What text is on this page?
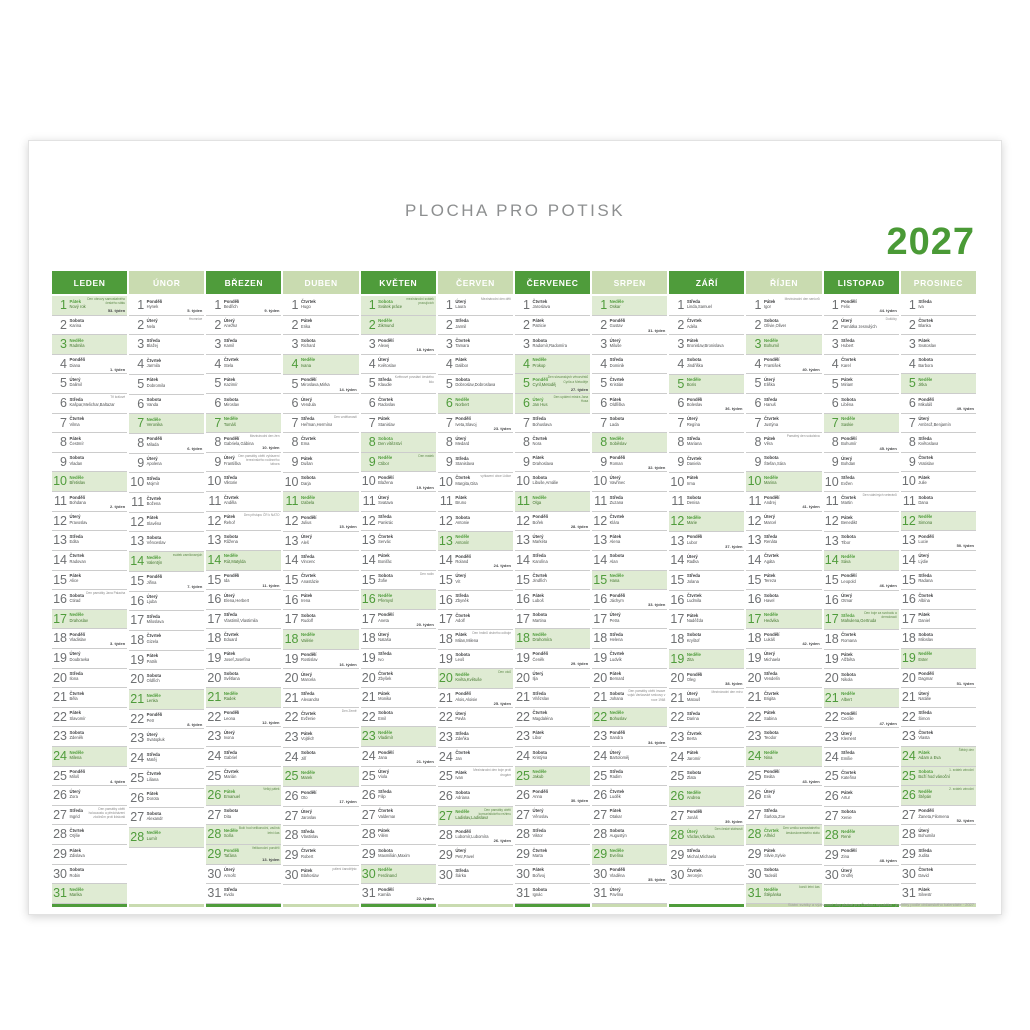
PLOCHA PRO POTISK
2027
LEDEN
1 Pátek
Nový rok
Den obnovy samostatného českého státu
53. týden
2 Sobota
Karina
3 Neděle
Radmila
4 Pondělí
Diana
1. týden
5 Úterý
Dalimil
6 Středa
Kašpar,Melichar,Baltazar
Tři králové
7 Čtvrtek
Vilma
8 Pátek
Čestmír
9 Sobota
Vladan
10 Neděle
Břetislav
11 Pondělí
Bohdana
2. týden
12 Úterý
Pravoslav
13 Středa
Edita
14 Čtvrtek
Radovan
15 Pátek
Alice
16 Sobota
Ctirad
Den památky Jana Palacha
17 Neděle
Drahoslav
18 Pondělí
Vladislav
3. týden
19 Úterý
Doubravka
20 Středa
Ilona
21 Čtvrtek
Běla
22 Pátek
Slavomír
23 Sobota
Zdeněk
24 Neděle
Milena
25 Pondělí
Miloš
4. týden
26 Úterý
Zora
27 Středa
Ingrid
Den památky obětí holocaustu a předcházení zločinům proti lidskosti
28 Čtvrtek
Otýlie
29 Pátek
Zdislava
30 Sobota
Robin
31 Neděle
Marika
ÚNOR
1 Pondělí
Hynek
5. týden
2 Úterý
Nela
Hromnice
3 Středa
Blažej
4 Čtvrtek
Jarmila
5 Pátek
Dobromila
6 Sobota
Vanda
7 Neděle
Veronika
8 Pondělí
Milada
6. týden
9 Úterý
Apolena
10 Středa
Mojmír
11 Čtvrtek
Božena
12 Pátek
Slavěna
13 Sobota
Věnceslav
14 Neděle
Valentýn
svátek zamilovaných
15 Pondělí
Jiřina
7. týden
16 Úterý
Ljuba
17 Středa
Miloslava
18 Čtvrtek
Gizela
19 Pátek
Patrik
20 Sobota
Oldřich
21 Neděle
Lenka
22 Pondělí
Petr
8. týden
23 Úterý
Svatopluk
24 Středa
Matěj
25 Čtvrtek
Liliana
26 Pátek
Dorota
27 Sobota
Alexandr
28 Neděle
Lumír
BŘEZEN
1 Pondělí
Bedřich
9. týden
2 Úterý
Anežka
3 Středa
Kamil
4 Čtvrtek
Stela
5 Pátek
Kazimír
6 Sobota
Miroslav
7 Neděle
Tomáš
8 Pondělí
Gabriela,Gábina
Mezinárodní den žen
10. týden
9 Úterý
Františka
Den památky obětí vyhlazení terezínského rodinného tábora
10 Středa
Viktorie
11 Čtvrtek
Anděla
12 Pátek
Řehoř
Den přístupu ČR k NATO
13 Sobota
Růžena
14 Neděle
Rút,Matylda
15 Pondělí
Ida
11. týden
16 Úterý
Elena,Herbert
17 Středa
Vlastimil,Vlastimila
18 Čtvrtek
Eduard
19 Pátek
Josef,Josefína
20 Sobota
Světlana
21 Neděle
Radek
22 Pondělí
Leona
12. týden
23 Úterý
Ivona
24 Středa
Gabriel
25 Čtvrtek
Marián
26 Pátek
Emanuel
Velký pátek
27 Sobota
Dita
28 Neděle
Soňa
Boží hod velikonoční, začíná letní čas
29 Pondělí
Taťána
Velikonoční pondělí
13. týden
30 Úterý
Arnošt
31 Středa
Kvido
DUBEN
1 Čtvrtek
Hugo
2 Pátek
Erika
3 Sobota
Richard
4 Neděle
Ivana
5 Pondělí
Miroslava,Mirka
14. týden
6 Úterý
Vendula
7 Středa
Heřman,Hermína
Den vzdělanosti
8 Čtvrtek
Ema
9 Pátek
Dušan
10 Sobota
Darja
11 Neděle
Izabela
12 Pondělí
Julius
15. týden
13 Úterý
Aleš
14 Středa
Vincenc
15 Čtvrtek
Anastázie
16 Pátek
Irena
17 Sobota
Rudolf
18 Neděle
Valérie
19 Pondělí
Rostislav
16. týden
20 Úterý
Marcela
21 Středa
Alexandra
22 Čtvrtek
Evženie
Den Země
23 Pátek
Vojtěch
24 Sobota
Jiří
25 Neděle
Marek
26 Pondělí
Oto
17. týden
27 Úterý
Jaroslav
28 Středa
Vlastislav
29 Čtvrtek
Robert
30 Pátek
Blahoslav
pálení čarodějnic
KVĚTEN
1 Sobota
Svátek práce
mezinárodní svátek pracujících
2 Neděle
Zikmund
3 Pondělí
Alexej
18. týden
4 Úterý
Květoslav
5 Středa
Klaudie
Květnové povstání českého lidu
6 Čtvrtek
Radoslav
7 Pátek
Stanislav
8 Sobota
Den vítězství
9 Neděle
Ctibor
Den matek
10 Pondělí
Blažena
19. týden
11 Úterý
Svatava
12 Středa
Pankrác
13 Čtvrtek
Servác
14 Pátek
Bonifác
15 Sobota
Žofie
Den rodin
16 Neděle
Přemysl
17 Pondělí
Aneta
20. týden
18 Úterý
Nataša
19 Středa
Ivo
20 Čtvrtek
Zbyšek
21 Pátek
Monika
22 Sobota
Emil
23 Neděle
Vladimír
24 Pondělí
Jana
21. týden
25 Úterý
Viola
26 Středa
Filip
27 Čtvrtek
Valdemar
28 Pátek
Vilém
29 Sobota
Maxmilián,Maxim
30 Neděle
Ferdinand
31 Pondělí
Kamila
22. týden
ČERVEN
1 Úterý
Laura
Mezinárodní den dětí
2 Středa
Jarmil
3 Čtvrtek
Tamara
4 Pátek
Dalibor
5 Sobota
Dobroslav,Dobroslava
6 Neděle
Norbert
7 Pondělí
Iveta,Slavoj
23. týden
8 Úterý
Medard
9 Středa
Stanislava
10 Čtvrtek
Margita,Gita
vyhlazení obce Lidice
11 Pátek
Bruno
12 Sobota
Antonie
13 Neděle
Antonín
14 Pondělí
Roland
24. týden
15 Úterý
Vít
16 Středa
Zbyněk
17 Čtvrtek
Adolf
18 Pátek
Milan,Milena
Den hrdinů druhého odboje
19 Sobota
Leoš
20 Neděle
Květa,Květuše
Den otců
21 Pondělí
Alois,Aloisie
25. týden
22 Úterý
Pavla
23 Středa
Zdeňka
24 Čtvrtek
Jan
25 Pátek
Ivan
Mezinárodní den boje proti drogám
26 Sobota
Adriana
27 Neděle
Ladislav,Ladislava
Den památky obětí komunistického režimu
28 Pondělí
Lubomír,Lubomíra
26. týden
29 Úterý
Petr,Pavel
30 Středa
Šárka
ČERVENEC
1 Čtvrtek
Jaroslava
2 Pátek
Patricie
3 Sobota
Radomír,Radomíra
4 Neděle
Prokop
5 Pondělí
Cyril,Metoděj
Den slovanských věrozvěstů Cyrila a Metoděje
27. týden
6 Úterý
Jan Hus
Den upálení mistra Jana Husa
7 Středa
Bohuslava
8 Čtvrtek
Nora
9 Pátek
Drahoslava
10 Sobota
Libuše,Amálie
11 Neděle
Olga
12 Pondělí
Bořek
28. týden
13 Úterý
Markéta
14 Středa
Karolína
15 Čtvrtek
Jindřich
16 Pátek
Luboš
17 Sobota
Martina
18 Neděle
Drahomíra
19 Pondělí
Čeněk
29. týden
20 Úterý
Ilja
21 Středa
Vítězslav
22 Čtvrtek
Magdaléna
23 Pátek
Libor
24 Sobota
Kristýna
25 Neděle
Jakub
26 Pondělí
Anna
30. týden
27 Úterý
Věroslav
28 Středa
Viktor
29 Čtvrtek
Marta
30 Pátek
Bořivoj
31 Sobota
Ignác
SRPEN
1 Neděle
Oskar
2 Pondělí
Gustav
31. týden
3 Úterý
Miluše
4 Středa
Dominik
5 Čtvrtek
Kristián
6 Pátek
Oldřiška
7 Sobota
Lada
8 Neděle
Soběslav
9 Pondělí
Roman
32. týden
10 Úterý
Vavřinec
11 Středa
Zuzana
12 Čtvrtek
Klára
13 Pátek
Alena
14 Sobota
Alan
15 Neděle
Hana
16 Pondělí
Jáchym
33. týden
17 Úterý
Petra
18 Středa
Helena
19 Čtvrtek
Ludvík
20 Pátek
Bernard
21 Sobota
Johana
Den památky obětí invaze vojsk Varšavské smlouvy v roce 1968
22 Neděle
Bohuslav
23 Pondělí
Sandra
34. týden
24 Úterý
Bartoloměj
25 Středa
Radim
26 Čtvrtek
Luděk
27 Pátek
Otakar
28 Sobota
Augustýn
29 Neděle
Evelína
30 Pondělí
Vladěna
35. týden
31 Úterý
Pavlína
ZÁŘÍ
1 Středa
Linda,Samuel
2 Čtvrtek
Adéla
3 Pátek
Bronislav,Bronislava
4 Sobota
Jindřiška
5 Neděle
Boris
6 Pondělí
Boleslav
36. týden
7 Úterý
Regína
8 Středa
Mariana
9 Čtvrtek
Daniela
10 Pátek
Irma
11 Sobota
Denisa
12 Neděle
Marie
13 Pondělí
Lubor
37. týden
14 Úterý
Radka
15 Středa
Jolana
16 Čtvrtek
Ludmila
17 Pátek
Naděžda
18 Sobota
Kryštof
19 Neděle
Zita
20 Pondělí
Oleg
38. týden
21 Úterý
Matouš
Mezinárodní den míru
22 Středa
Darina
23 Čtvrtek
Berta
24 Pátek
Jaromír
25 Sobota
Zlata
26 Neděle
Andrea
27 Pondělí
Jonáš
39. týden
28 Úterý
Václav,Václava
Den české státnosti
29 Středa
Michal,Michaela
30 Čtvrtek
Jeroným
ŘÍJEN
1 Pátek
Igor
Mezinárodní den seniorů
2 Sobota
Olívie,Oliver
3 Neděle
Bohumil
4 Pondělí
František
40. týden
5 Úterý
Eliška
6 Středa
Hanuš
7 Čtvrtek
Justýna
8 Pátek
Věra
Památný den sokolstva
9 Sobota
Štefan,Sára
10 Neděle
Marina
11 Pondělí
Andrej
41. týden
12 Úterý
Marcel
13 Středa
Renáta
14 Čtvrtek
Agáta
15 Pátek
Tereza
16 Sobota
Havel
17 Neděle
Hedvika
18 Pondělí
Lukáš
42. týden
19 Úterý
Michaela
20 Středa
Vendelín
21 Čtvrtek
Brigita
22 Pátek
Sabina
23 Sobota
Teodor
24 Neděle
Nina
25 Pondělí
Beáta
43. týden
26 Úterý
Erik
27 Středa
Šarlota,Zoe
28 Čtvrtek
Alfréd
Den vzniku samostatného československého státu
29 Pátek
Silvie,Sylvie
30 Sobota
Tadeáš
31 Neděle
Štěpánka
končí letní čas
LISTOPAD
1 Pondělí
Felix
44. týden
2 Úterý
Památka zesnulých
Dušičky
3 Středa
Hubert
4 Čtvrtek
Karel
5 Pátek
Miriam
6 Sobota
Liběna
7 Neděle
Saskie
8 Pondělí
Bohumír
45. týden
9 Úterý
Bohdan
10 Středa
Evžen
11 Čtvrtek
Martin
Den válečných veteránů
12 Pátek
Benedikt
13 Sobota
Tibor
14 Neděle
Sáva
15 Pondělí
Leopold
46. týden
16 Úterý
Otmar
17 Středa
Mahulena,Gertruda
Den boje za svobodu a demokracii
18 Čtvrtek
Romana
19 Pátek
Alžběta
20 Sobota
Nikola
21 Neděle
Albert
22 Pondělí
Cecílie
47. týden
23 Úterý
Klement
24 Středa
Emílie
25 Čtvrtek
Kateřina
26 Pátek
Artur
27 Sobota
Xenie
28 Neděle
René
29 Pondělí
Zina
48. týden
30 Úterý
Ondřej
PROSINEC
1 Středa
Iva
2 Čtvrtek
Blanka
3 Pátek
Svatoslav
4 Sobota
Barbora
5 Neděle
Jitka
6 Pondělí
Mikuláš
49. týden
7 Úterý
Ambrož,Benjamín
8 Středa
Květoslava
9 Čtvrtek
Vratislav
10 Pátek
Julie
11 Sobota
Dana
12 Neděle
Simona
13 Pondělí
Lucie
50. týden
14 Úterý
Lýdie
15 Středa
Radana
16 Čtvrtek
Albína
17 Pátek
Daniel
18 Sobota
Miloslav
19 Neděle
Ester
20 Pondělí
Dagmar
51. týden
21 Úterý
Natálie
22 Středa
Šimon
23 Čtvrtek
Vlasta
24 Pátek
Adam a Eva
Štědrý den
25 Sobota
Boží hod vánoční
1. svátek vánoční
26 Neděle
Štěpán
2. svátek vánoční
27 Pondělí
Žaneta,Filomena
52. týden
28 Úterý
Bohumila
29 Středa
Judita
30 Čtvrtek
David
31 Pátek
Silvestr
Státní svátky a významné dny platné pro Českou republiku · jmeniny podle občanského kalendáře · 2027
